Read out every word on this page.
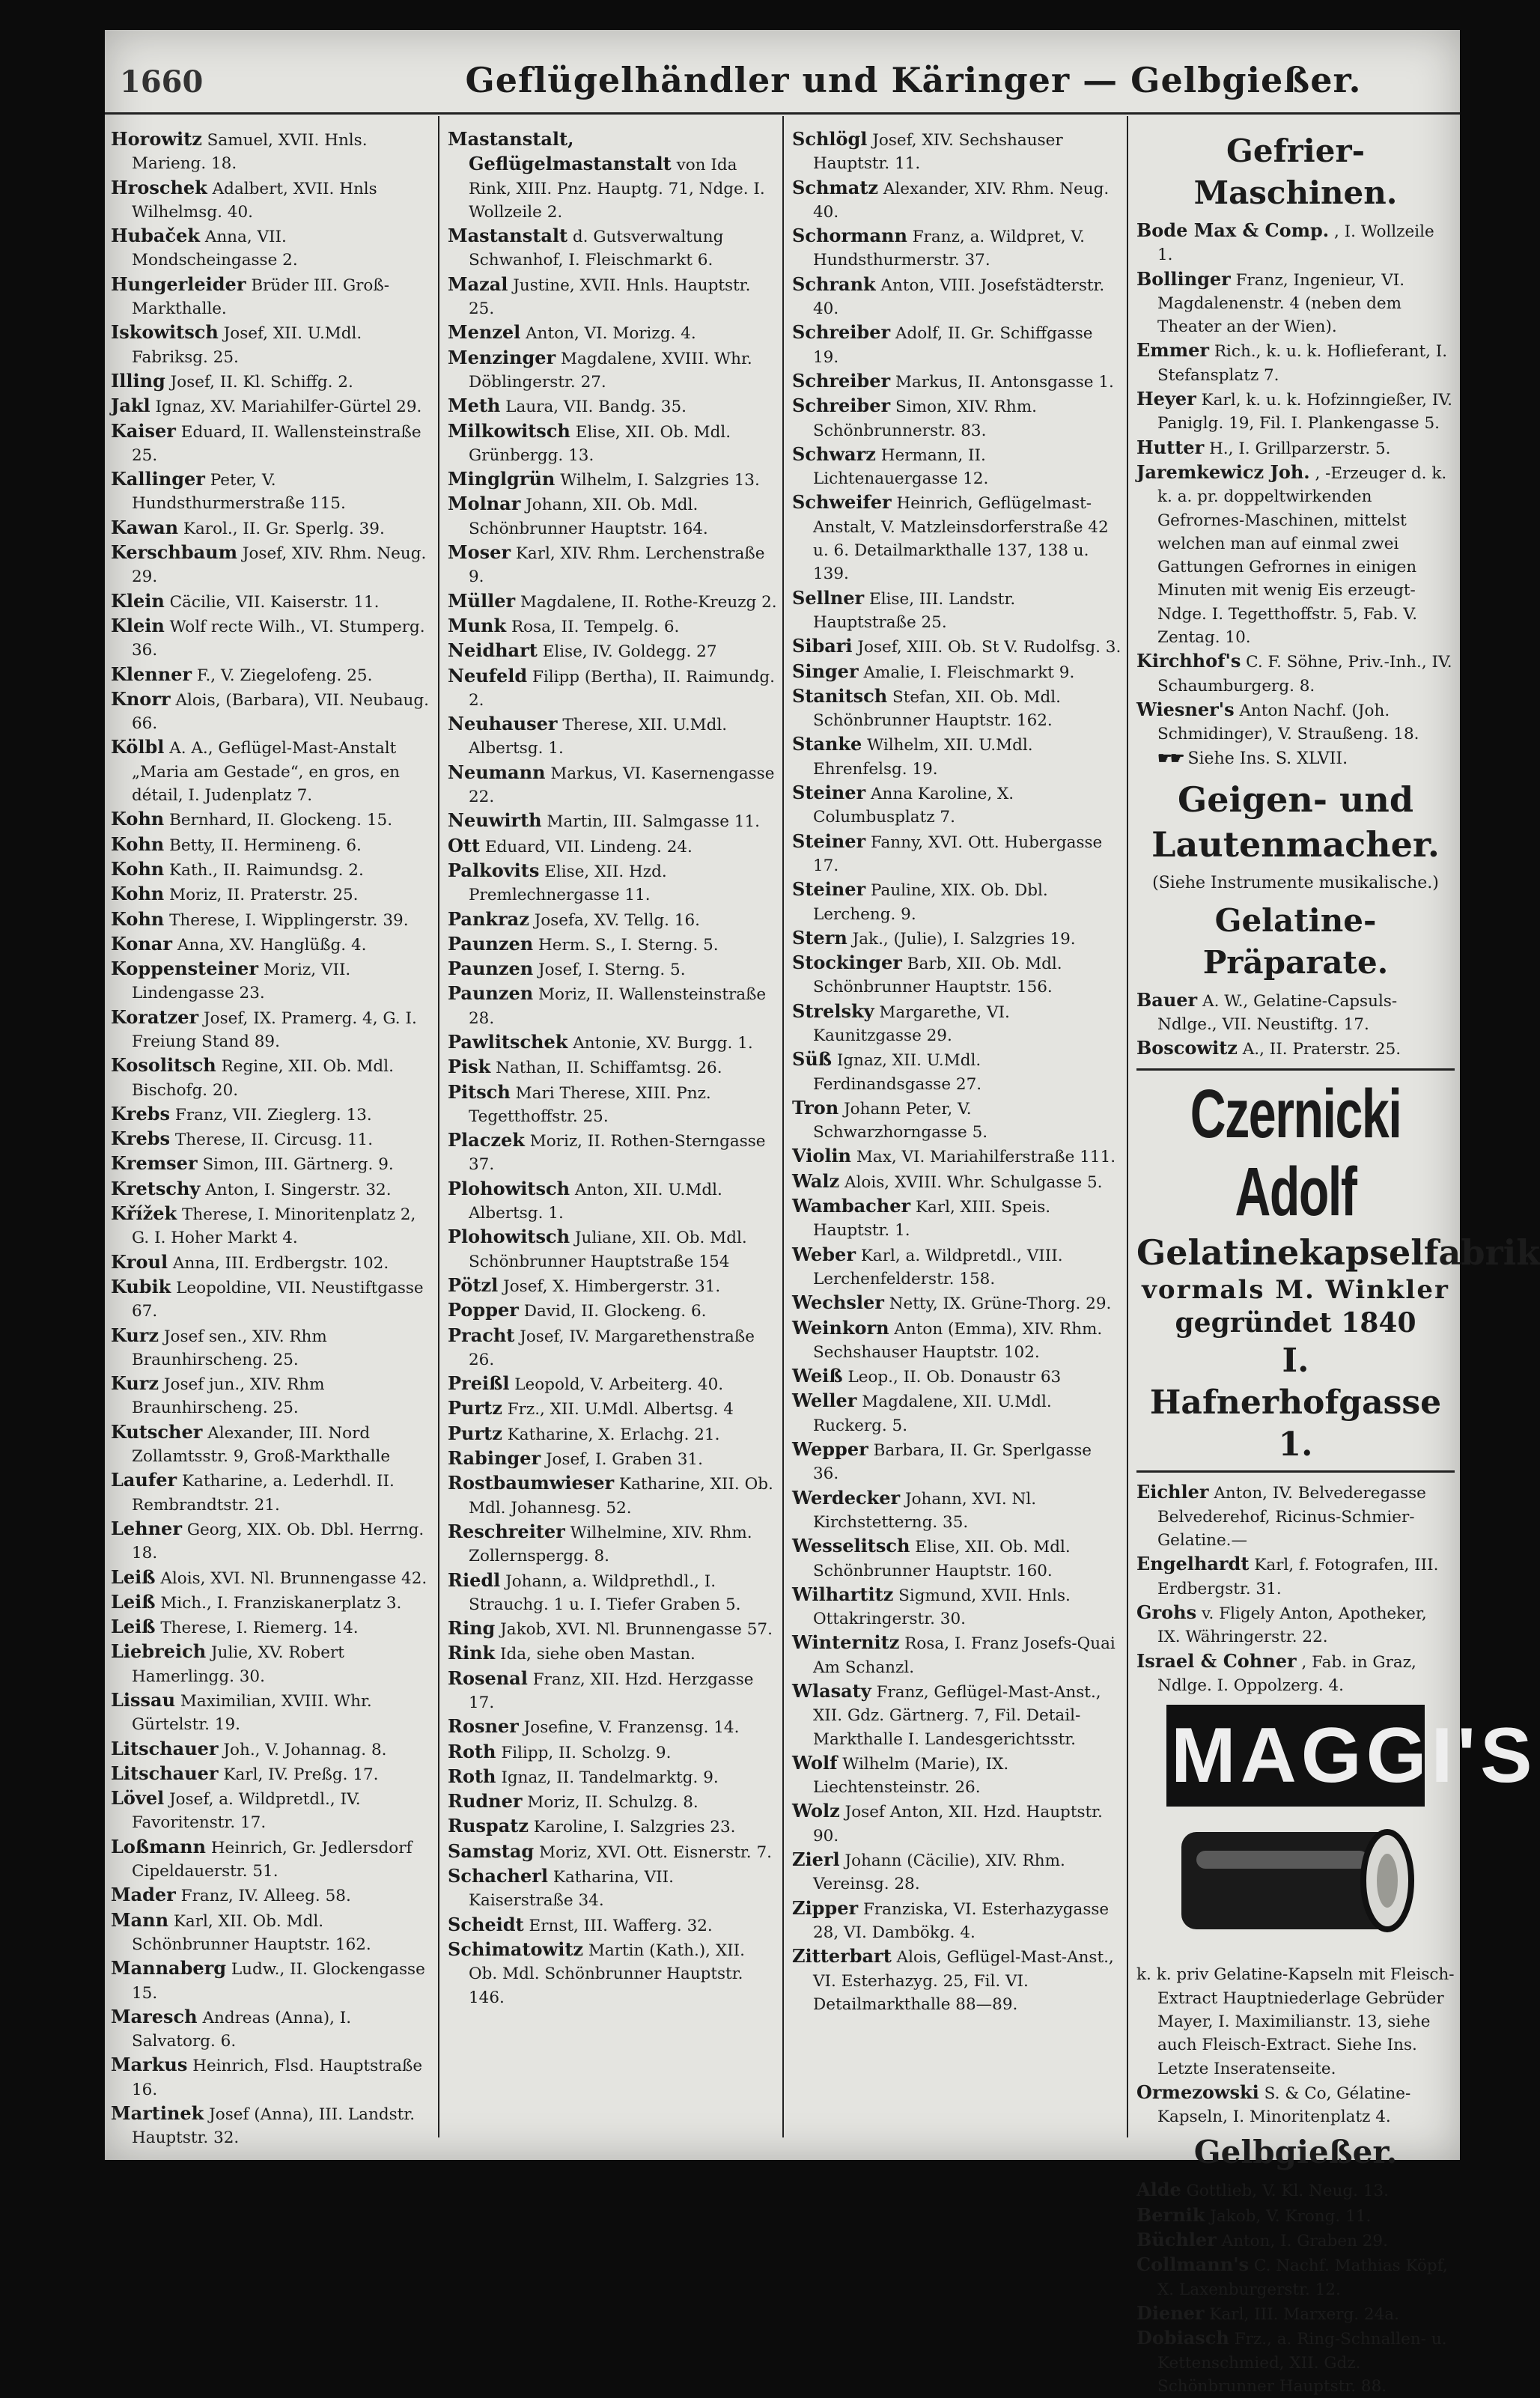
1660	Geflügelhändler und Käringer — Gelbgießer.

Horowitz Samuel, XVII. Hnls. Marieng. 18.

Hroschek Adalbert, XVII. Hnls Wilhelmsg. 40.

Hubaček Anna, VII. Mondscheingasse 2.

Hungerleider Brüder III. Groß-Markthalle.

Iskowitsch Josef, XII. U.Mdl. Fabriksg. 25.

Illing Josef, II. Kl. Schiffg. 2.

Jakl Ignaz, XV. Mariahilfer-Gürtel 29.

Kaiser Eduard, II. Wallensteinstraße 25.

Kallinger Peter, V. Hundsthurmerstraße 115.

Kawan Karol., II. Gr. Sperlg. 39.

Kerschbaum Josef, XIV. Rhm. Neug. 29.

Klein Cäcilie, VII. Kaiserstr. 11.

Klein Wolf recte Wilh., VI. Stumperg. 36.

Klenner F., V. Ziegelofeng. 25.

Knorr Alois, (Barbara), VII. Neubaug. 66.

Kölbl A. A., Geflügel-Mast-Anstalt „Maria am Gestade“, en gros, en détail, I. Judenplatz 7.

Kohn Bernhard, II. Glockeng. 15.

Kohn Betty, II. Hermineng. 6.

Kohn Kath., II. Raimundsg. 2.

Kohn Moriz, II. Praterstr. 25.

Kohn Therese, I. Wipplingerstr. 39.

Konar Anna, XV. Hanglüßg. 4.

Koppensteiner Moriz, VII. Lindengasse 23.

Koratzer Josef, IX. Pramerg. 4, G. I. Freiung Stand 89.

Kosolitsch Regine, XII. Ob. Mdl. Bischofg. 20.

Krebs Franz, VII. Zieglerg. 13.

Krebs Therese, II. Circusg. 11.

Kremser Simon, III. Gärtnerg. 9.

Kretschy Anton, I. Singerstr. 32.

Křížek Therese, I. Minoritenplatz 2, G. I. Hoher Markt 4.

Kroul Anna, III. Erdbergstr. 102.

Kubik Leopoldine, VII. Neustiftgasse 67.

Kurz Josef sen., XIV. Rhm Braunhirscheng. 25.

Kurz Josef jun., XIV. Rhm Braunhirscheng. 25.

Kutscher Alexander, III. Nord Zollamtsstr. 9, Groß-Markthalle

Laufer Katharine, a. Lederhdl. II. Rembrandtstr. 21.

Lehner Georg, XIX. Ob. Dbl. Herrng. 18.

Leiß Alois, XVI. Nl. Brunnengasse 42.

Leiß Mich., I. Franziskanerplatz 3.

Leiß Therese, I. Riemerg. 14.

Liebreich Julie, XV. Robert Hamerlingg. 30.

Lissau Maximilian, XVIII. Whr. Gürtelstr. 19.

Litschauer Joh., V. Johannag. 8.

Litschauer Karl, IV. Preßg. 17.

Lövel Josef, a. Wildpretdl., IV. Favoritenstr. 17.

Loßmann Heinrich, Gr. Jedlersdorf Cipeldauerstr. 51.

Mader Franz, IV. Alleeg. 58.

Mann Karl, XII. Ob. Mdl. Schönbrunner Hauptstr. 162.

Mannaberg Ludw., II. Glockengasse 15.

Maresch Andreas (Anna), I. Salvatorg. 6.

Markus Heinrich, Flsd. Hauptstraße 16.

Martinek Josef (Anna), III. Landstr. Hauptstr. 32.

Mastanstalt, Geflügelmastanstalt von Ida Rink, XIII. Pnz. Hauptg. 71, Ndge. I. Wollzeile 2.

Mastanstalt d. Gutsverwaltung Schwanhof, I. Fleischmarkt 6.

Mazal Justine, XVII. Hnls. Hauptstr. 25.

Menzel Anton, VI. Morizg. 4.

Menzinger Magdalene, XVIII. Whr. Döblingerstr. 27.

Meth Laura, VII. Bandg. 35.

Milkowitsch Elise, XII. Ob. Mdl. Grünbergg. 13.

Minglgrün Wilhelm, I. Salzgries 13.

Molnar Johann, XII. Ob. Mdl. Schönbrunner Hauptstr. 164.

Moser Karl, XIV. Rhm. Lerchenstraße 9.

Müller Magdalene, II. Rothe-Kreuzg 2.

Munk Rosa, II. Tempelg. 6.

Neidhart Elise, IV. Goldegg. 27

Neufeld Filipp (Bertha), II. Raimundg. 2.

Neuhauser Therese, XII. U.Mdl. Albertsg. 1.

Neumann Markus, VI. Kasernengasse 22.

Neuwirth Martin, III. Salmgasse 11.

Ott Eduard, VII. Lindeng. 24.

Palkovits Elise, XII. Hzd. Premlechnergasse 11.

Pankraz Josefa, XV. Tellg. 16.

Paunzen Herm. S., I. Sterng. 5.

Paunzen Josef, I. Sterng. 5.

Paunzen Moriz, II. Wallensteinstraße 28.

Pawlitschek Antonie, XV. Burgg. 1.

Pisk Nathan, II. Schiffamtsg. 26.

Pitsch Mari Therese, XIII. Pnz. Tegetthoffstr. 25.

Placzek Moriz, II. Rothen-Sterngasse 37.

Plohowitsch Anton, XII. U.Mdl. Albertsg. 1.

Plohowitsch Juliane, XII. Ob. Mdl. Schönbrunner Hauptstraße 154

Pötzl Josef, X. Himbergerstr. 31.

Popper David, II. Glockeng. 6.

Pracht Josef, IV. Margarethenstraße 26.

Preißl Leopold, V. Arbeiterg. 40.

Purtz Frz., XII. U.Mdl. Albertsg. 4

Purtz Katharine, X. Erlachg. 21.

Rabinger Josef, I. Graben 31.

Rostbaumwieser Katharine, XII. Ob. Mdl. Johannesg. 52.

Reschreiter Wilhelmine, XIV. Rhm. Zollernspergg. 8.

Riedl Johann, a. Wildprethdl., I. Strauchg. 1 u. I. Tiefer Graben 5.

Ring Jakob, XVI. Nl. Brunnengasse 57.

Rink Ida, siehe oben Mastan.

Rosenal Franz, XII. Hzd. Herzgasse 17.

Rosner Josefine, V. Franzensg. 14.

Roth Filipp, II. Scholzg. 9.

Roth Ignaz, II. Tandelmarktg. 9.

Rudner Moriz, II. Schulzg. 8.

Ruspatz Karoline, I. Salzgries 23.

Samstag Moriz, XVI. Ott. Eisnerstr. 7.

Schacherl Katharina, VII. Kaiserstraße 34.

Scheidt Ernst, III. Wafferg. 32.

Schimatowitz Martin (Kath.), XII. Ob. Mdl. Schönbrunner Hauptstr. 146.

Schlögl Josef, XIV. Sechshauser Hauptstr. 11.

Schmatz Alexander, XIV. Rhm. Neug. 40.

Schormann Franz, a. Wildpret, V. Hundsthurmerstr. 37.

Schrank Anton, VIII. Josefstädterstr. 40.

Schreiber Adolf, II. Gr. Schiffgasse 19.

Schreiber Markus, II. Antonsgasse 1.

Schreiber Simon, XIV. Rhm. Schönbrunnerstr. 83.

Schwarz Hermann, II. Lichtenauergasse 12.

Schweifer Heinrich, Geflügelmast-Anstalt, V. Matzleinsdorferstraße 42 u. 6. Detailmarkthalle 137, 138 u. 139.

Sellner Elise, III. Landstr. Hauptstraße 25.

Sibari Josef, XIII. Ob. St V. Rudolfsg. 3.

Singer Amalie, I. Fleischmarkt 9.

Stanitsch Stefan, XII. Ob. Mdl. Schönbrunner Hauptstr. 162.

Stanke Wilhelm, XII. U.Mdl. Ehrenfelsg. 19.

Steiner Anna Karoline, X. Columbusplatz 7.

Steiner Fanny, XVI. Ott. Hubergasse 17.

Steiner Pauline, XIX. Ob. Dbl. Lercheng. 9.

Stern Jak., (Julie), I. Salzgries 19.

Stockinger Barb, XII. Ob. Mdl. Schönbrunner Hauptstr. 156.

Strelsky Margarethe, VI. Kaunitzgasse 29.

Süß Ignaz, XII. U.Mdl. Ferdinandsgasse 27.

Tron Johann Peter, V. Schwarzhorngasse 5.

Violin Max, VI. Mariahilferstraße 111.

Walz Alois, XVIII. Whr. Schulgasse 5.

Wambacher Karl, XIII. Speis. Hauptstr. 1.

Weber Karl, a. Wildpretdl., VIII. Lerchenfelderstr. 158.

Wechsler Netty, IX. Grüne-Thorg. 29.

Weinkorn Anton (Emma), XIV. Rhm. Sechshauser Hauptstr. 102.

Weiß Leop., II. Ob. Donaustr 63

Weller Magdalene, XII. U.Mdl. Ruckerg. 5.

Wepper Barbara, II. Gr. Sperlgasse 36.

Werdecker Johann, XVI. Nl. Kirchstetterng. 35.

Wesselitsch Elise, XII. Ob. Mdl. Schönbrunner Hauptstr. 160.

Wilhartitz Sigmund, XVII. Hnls. Ottakringerstr. 30.

Winternitz Rosa, I. Franz Josefs-Quai Am Schanzl.

Wlasaty Franz, Geflügel-Mast-Anst., XII. Gdz. Gärtnerg. 7, Fil. Detail-Markthalle I. Landesgerichtsstr.

Wolf Wilhelm (Marie), IX. Liechtensteinstr. 26.

Wolz Josef Anton, XII. Hzd. Hauptstr. 90.

Zierl Johann (Cäcilie), XIV. Rhm. Vereinsg. 28.

Zipper Franziska, VI. Esterhazygasse 28, VI. Dambökg. 4.

Zitterbart Alois, Geflügel-Mast-Anst., VI. Esterhazyg. 25, Fil. VI. Detailmarkthalle 88—89.

Gefrier-Maschinen.

Bode Max & Comp. , I. Wollzeile 1.

Bollinger Franz, Ingenieur, VI. Magdalenenstr. 4 (neben dem Theater an der Wien).

Emmer Rich., k. u. k. Hoflieferant, I. Stefansplatz 7.

Heyer Karl, k. u. k. Hofzinngießer, IV. Paniglg. 19, Fil. I. Plankengasse 5.

Hutter H., I. Grillparzerstr. 5.

Jaremkewicz Joh. , -Erzeuger d. k. k. a. pr. doppeltwirkenden Gefrornes-Maschinen, mittelst welchen man auf einmal zwei Gattungen Gefrornes in einigen Minuten mit wenig Eis erzeugt-Ndge. I. Tegetthoffstr. 5, Fab. V. Zentag. 10.

Kirchhof's C. F. Söhne, Priv.-Inh., IV. Schaumburgerg. 8.

Wiesner's Anton Nachf. (Joh. Schmidinger), V. Straußeng. 18.

☛☛ Siehe Ins. S. XLVII.
Geigen- und Lautenmacher.
(Siehe Instrumente musikalische.)
Gelatine-Präparate.

Bauer A. W., Gelatine-Capsuls-Ndlge., VII. Neustiftg. 17.

Boscowitz A., II. Praterstr. 25.

Czernicki Adolf
Gelatinekapselfabrik
vormals M. Winkler
gegründet 1840
I. Hafnerhofgasse 1.

Eichler Anton, IV. Belvederegasse Belvederehof, Ricinus-Schmier-Gelatine.—

Engelhardt Karl, f. Fotografen, III. Erdbergstr. 31.

Grohs v. Fligely Anton, Apotheker, IX. Währingerstr. 22.

Israel & Cohner , Fab. in Graz, Ndlge. I. Oppolzerg. 4.

MAGGI'S

k. k. priv Gelatine-Kapseln mit Fleisch-Extract Hauptniederlage Gebrüder Mayer, I. Maximilianstr. 13, siehe auch Fleisch-Extract. Siehe Ins. Letzte Inseratenseite.

Ormezowski S. & Co, Gélatine-Kapseln, I. Minoritenplatz 4.

Gelbgießer.

Alde Gottlieb, V. Kl. Neug. 13.

Bernik Jakob, V. Krong. 11.

Büchler Anton, I. Graben 29.

Collmann's C. Nachf. Mathias Köpf, X. Laxenburgerstr. 12.

Diener Karl, III. Marxerg. 24a.

Dobiasch Frz., a. Ring-Schnallen- u. Kettenschmied, XII. Gdz. Schönbrunner Hauptstr. 88.
